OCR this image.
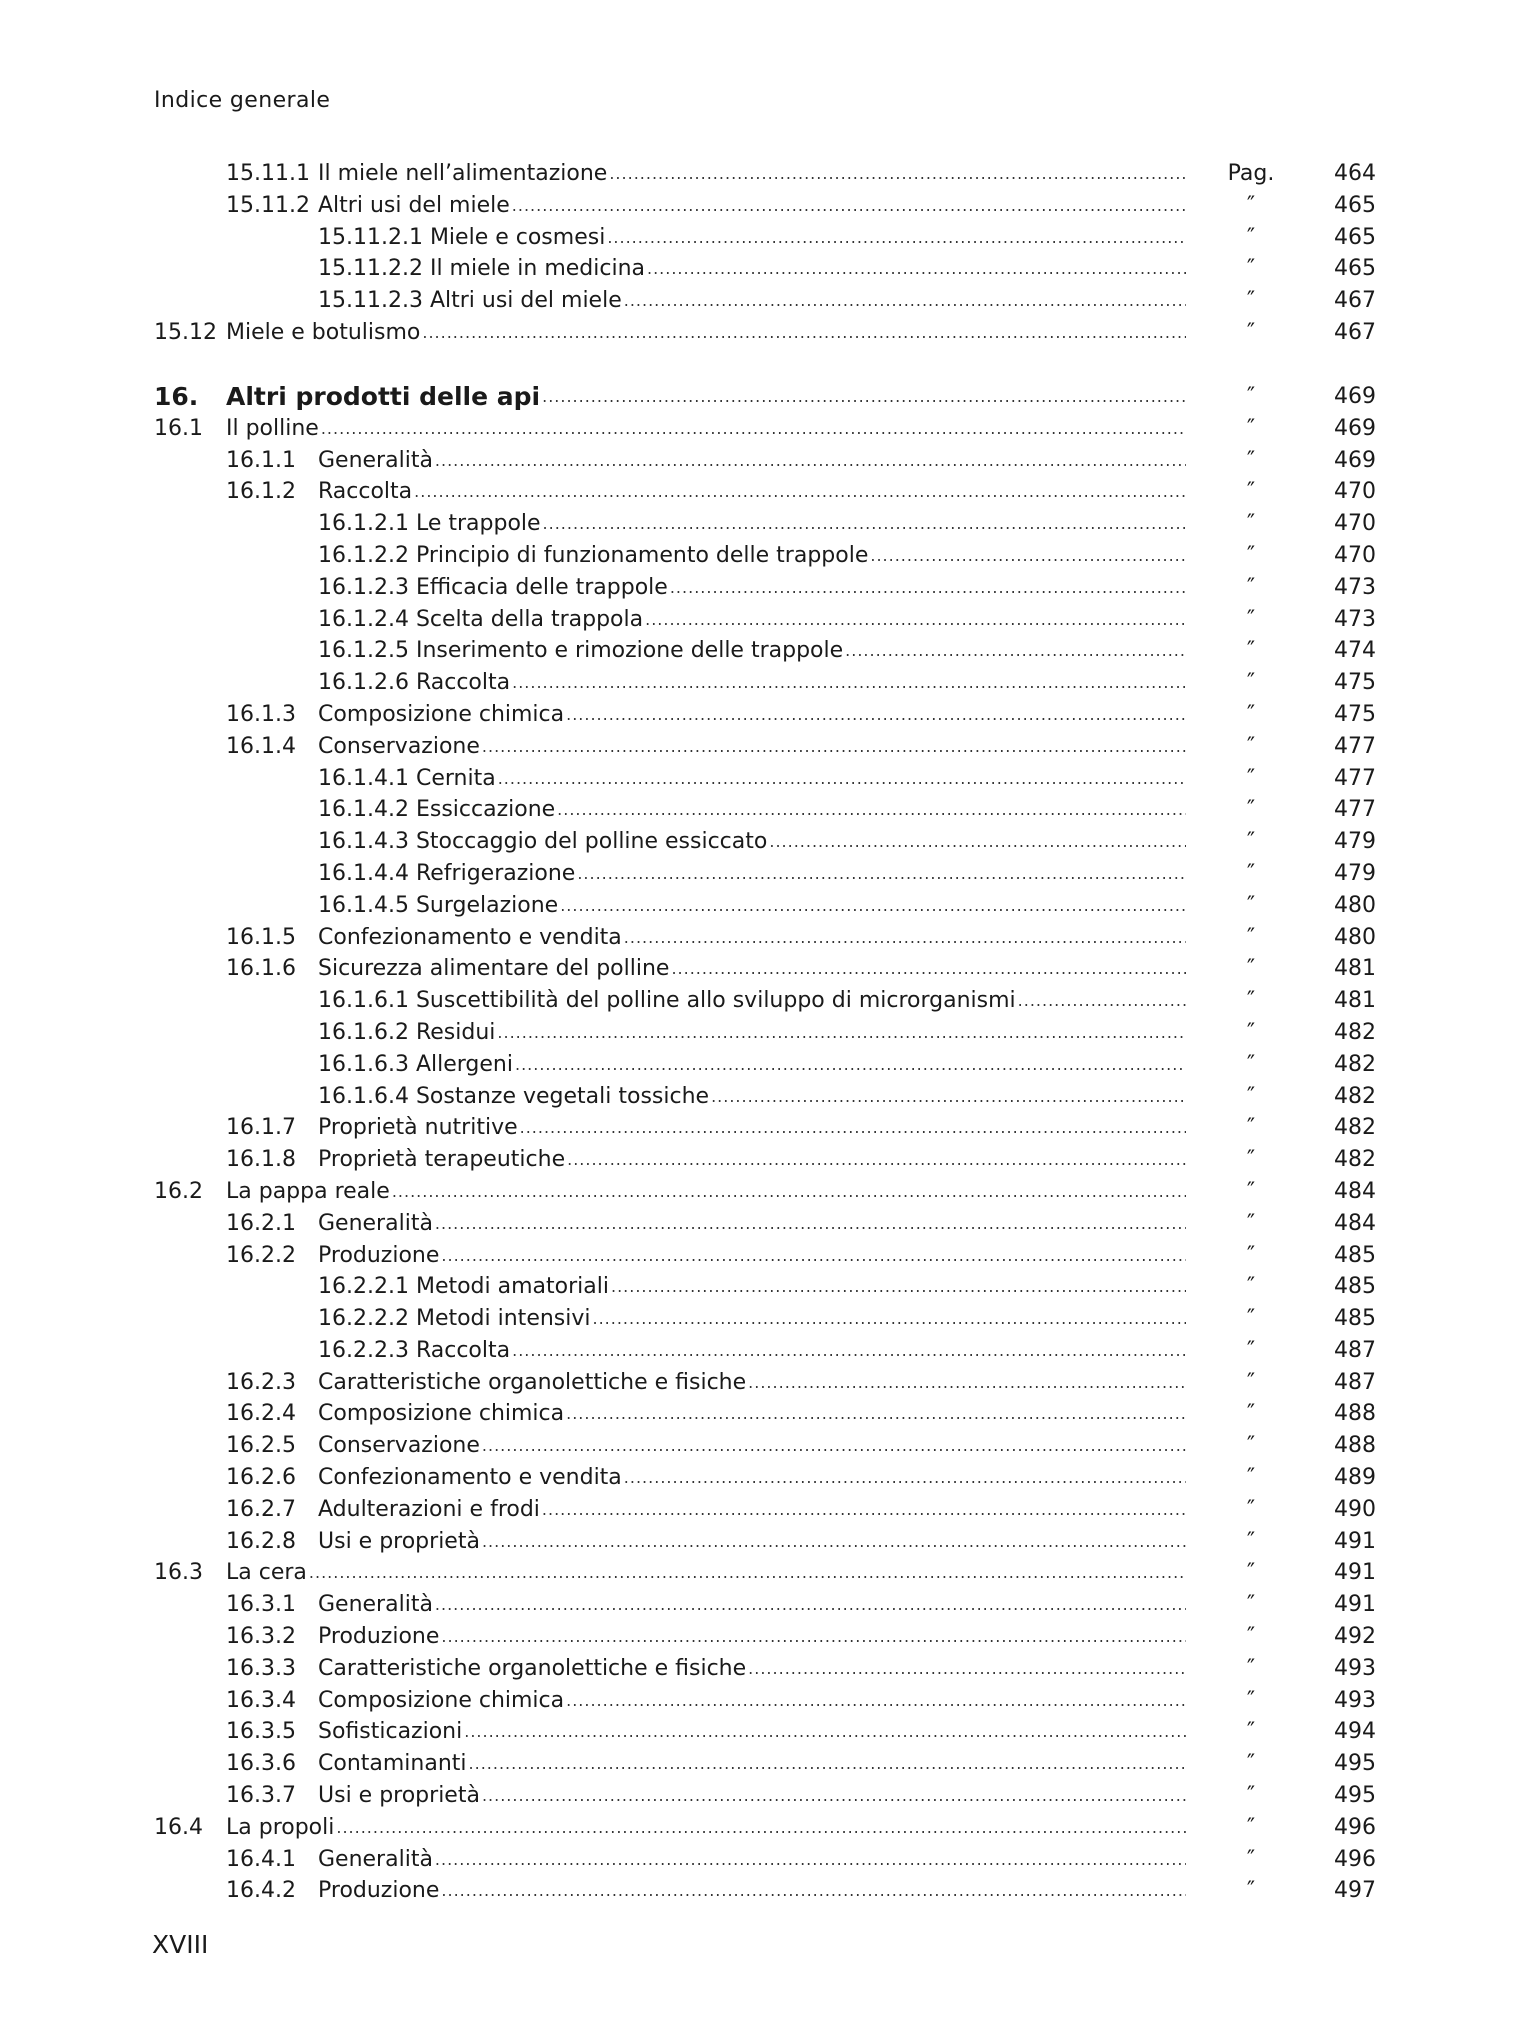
Indice generale
15.11.1 Il miele nell’alimentazione .....	Pag.	464
15.11.2 Altri usi del miele .....	″	465
15.11.2.1 Miele e cosmesi .....	″	465
15.11.2.2 Il miele in medicina .....	″	465
15.11.2.3 Altri usi del miele .....	″	467
15.12 Miele e botulismo .....	″	467
16. Altri prodotti delle api .....	″	469
16.1 Il polline .....	″	469
16.1.1 Generalità .....	″	469
16.1.2 Raccolta .....	″	470
16.1.2.1 Le trappole .....	″	470
16.1.2.2 Principio di funzionamento delle trappole .....	″	470
16.1.2.3 Efficacia delle trappole .....	″	473
16.1.2.4 Scelta della trappola .....	″	473
16.1.2.5 Inserimento e rimozione delle trappole .....	″	474
16.1.2.6 Raccolta .....	″	475
16.1.3 Composizione chimica .....	″	475
16.1.4 Conservazione .....	″	477
16.1.4.1 Cernita .....	″	477
16.1.4.2 Essiccazione .....	″	477
16.1.4.3 Stoccaggio del polline essiccato .....	″	479
16.1.4.4 Refrigerazione .....	″	479
16.1.4.5 Surgelazione .....	″	480
16.1.5 Confezionamento e vendita .....	″	480
16.1.6 Sicurezza alimentare del polline .....	″	481
16.1.6.1 Suscettibilità del polline allo sviluppo di microrganismi .....	″	481
16.1.6.2 Residui .....	″	482
16.1.6.3 Allergeni .....	″	482
16.1.6.4 Sostanze vegetali tossiche .....	″	482
16.1.7 Proprietà nutritive .....	″	482
16.1.8 Proprietà terapeutiche .....	″	482
16.2 La pappa reale .....	″	484
16.2.1 Generalità .....	″	484
16.2.2 Produzione .....	″	485
16.2.2.1 Metodi amatoriali .....	″	485
16.2.2.2 Metodi intensivi .....	″	485
16.2.2.3 Raccolta .....	″	487
16.2.3 Caratteristiche organolettiche e fisiche .....	″	487
16.2.4 Composizione chimica .....	″	488
16.2.5 Conservazione .....	″	488
16.2.6 Confezionamento e vendita .....	″	489
16.2.7 Adulterazioni e frodi .....	″	490
16.2.8 Usi e proprietà .....	″	491
16.3 La cera .....	″	491
16.3.1 Generalità .....	″	491
16.3.2 Produzione .....	″	492
16.3.3 Caratteristiche organolettiche e fisiche .....	″	493
16.3.4 Composizione chimica .....	″	493
16.3.5 Sofisticazioni .....	″	494
16.3.6 Contaminanti .....	″	495
16.3.7 Usi e proprietà .....	″	495
16.4 La propoli .....	″	496
16.4.1 Generalità .....	″	496
16.4.2 Produzione .....	″	497
XVIII
